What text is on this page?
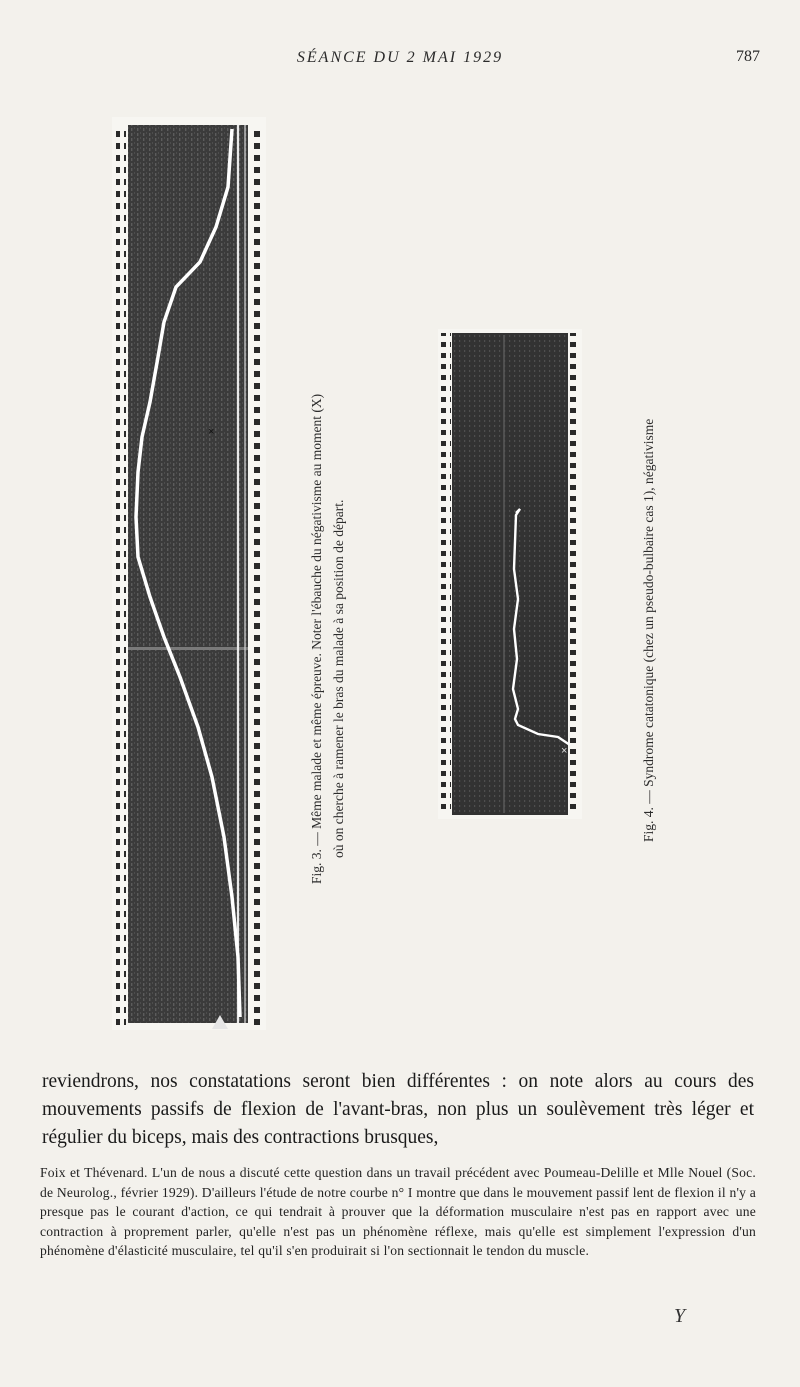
SÉANCE DU 2 MAI 1929	787
×	Fig. 3. — Même malade et même épreuve. Noter l'ébauche du négativisme au moment (X) où on cherche à ramener le bras du malade à sa position de départ.	×	Fig. 4. — Syndrome catatonique (chez un pseudo-bulbaire cas 1), négativisme

reviendrons, nos constatations seront bien différentes : on note alors au cours des mouvements passifs de flexion de l'avant-bras, non plus un soulèvement très léger et régulier du biceps, mais des contractions brusques,

Foix et Thévenard. L'un de nous a discuté cette question dans un travail précédent avec Poumeau-Delille et Mlle Nouel (Soc. de Neurolog., février 1929). D'ailleurs l'étude de notre courbe n° I montre que dans le mouvement passif lent de flexion il n'y a presque pas le courant d'action, ce qui tendrait à prouver que la déformation musculaire n'est pas en rapport avec une contraction à proprement parler, qu'elle n'est pas un phénomène réflexe, mais qu'elle est simplement l'expression d'un phénomène d'élasticité musculaire, tel qu'il s'en produirait si l'on sectionnait le tendon du muscle.

Y
